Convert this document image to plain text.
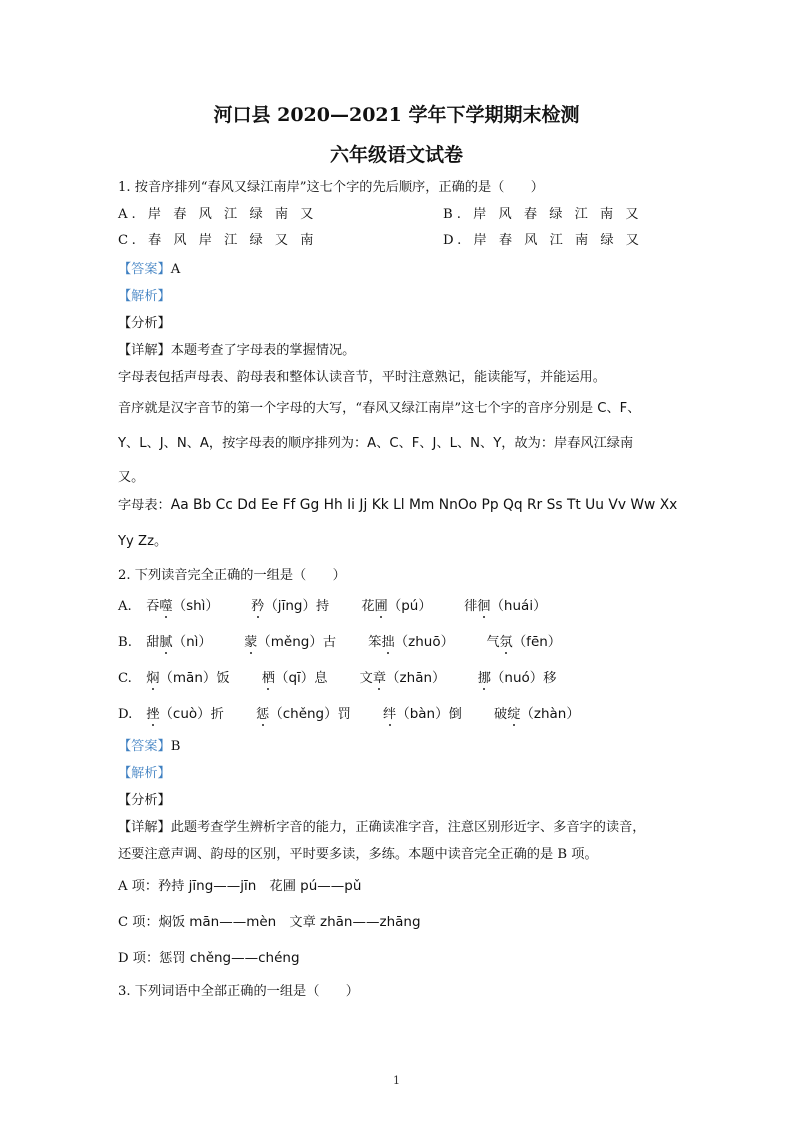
河口县 2020—2021 学年下学期期末检测
六年级语文试卷
1. 按音序排列“春风又绿江南岸”这七个字的先后顺序，正确的是（　　）
A. 岸 春 风 江 绿 南 又	B. 岸 风 春 绿 江 南 又
C. 春 风 岸 江 绿 又 南	D. 岸 春 风 江 南 绿 又
【答案】A
【解析】
【分析】
【详解】本题考查了字母表的掌握情况。
字母表包括声母表、韵母表和整体认读音节，平时注意熟记，能读能写，并能运用。
音序就是汉字音节的第一个字母的大写，“春风又绿江南岸”这七个字的音序分别是 C、F、
Y、L、J、N、A，按字母表的顺序排列为：A、C、F、J、L、N、Y，故为：岸春风江绿南
又。
字母表：Aa Bb Cc Dd Ee Ff Gg Hh Ii Jj Kk Ll Mm NnOo Pp Qq Rr Ss Tt Uu Vv Ww Xx
Yy Zz。
2. 下列读音完全正确的一组是（　　）
A. 吞噬（shì） 矜（jīng）持 花圃（pú） 徘徊（huái）
B. 甜腻（nì） 蒙（měng）古 笨拙（zhuō） 气氛（fēn）
C. 焖（mān）饭 栖（qī）息 文章（zhān） 挪（nuó）移
D. 挫（cuò）折 惩（chěng）罚 绊（bàn）倒 破绽（zhàn）
【答案】B
【解析】
【分析】
【详解】此题考查学生辨析字音的能力，正确读准字音，注意区别形近字、多音字的读音，
还要注意声调、韵母的区别，平时要多读，多练。本题中读音完全正确的是 B 项。
A 项：矜持 jīng——jīn　花圃 pú——pǔ
C 项：焖饭 mān——mèn　文章 zhān——zhāng
D 项：惩罚 chěng——chéng
3. 下列词语中全部正确的一组是（　　）
1
